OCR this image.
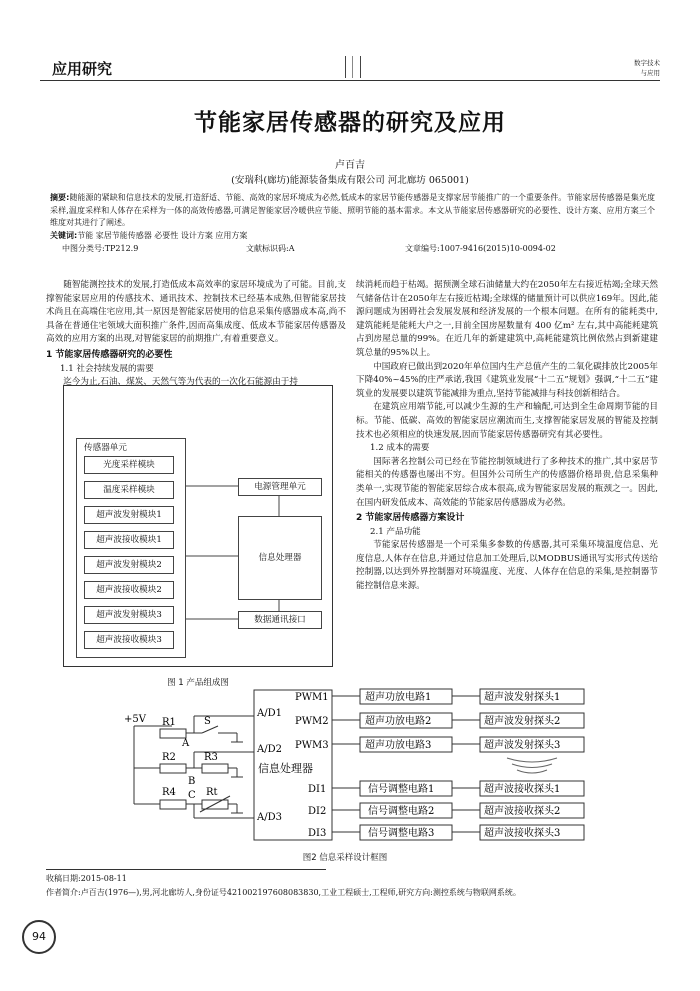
应用研究	数字技术
与应用
节能家居传感器的研究及应用
卢百吉
(安瑞科(廊坊)能源装备集成有限公司 河北廊坊 065001)
摘要:随能源的紧缺和信息技术的发展,打造舒适、节能、高效的家居环境成为必然,低成本的家居节能传感器是支撑家居节能推广的一个重要条件。节能家居传感器是集光度采样,温度采样和人体存在采样为一体的高效传感器,可满足智能家居冷暖供应节能、照明节能的基本需求。本文从节能家居传感器研究的必要性、设计方案、应用方案三个维度对其进行了阐述。
关键词:节能 家居节能传感器 必要性 设计方案 应用方案
中图分类号:TP212.9	文献标识码:A	文章编号:1007-9416(2015)10-0094-02

随智能测控技术的发展,打造低成本高效率的家居环境成为了可能。目前,支撑智能家居应用的传感技术、通讯技术、控制技术已经基本成熟,但智能家居技术尚且在高端住宅应用,其一原因是智能家居使用的信息采集传感器成本高,尚不具备在普通住宅领域大面积推广条件,因而高集成度、低成本节能家居传感器及高效的应用方案的出现,对智能家居的前期推广,有着重要意义。

1 节能家居传感器研究的必要性
1.1 社会持续发展的需要

迄今为止,石油、煤炭、天然气等为代表的一次化石能源由于持

传感器单元
光度采样模块
温度采样模块
超声波发射模块1
超声波接收模块1
超声波发射模块2
超声波接收模块2
超声波发射模块3
超声波接收模块3
电源管理单元
信息处理器
数据通讯接口
图 1 产品组成图

续消耗而趋于枯竭。据预测全球石油储量大约在2050年左右接近枯竭;全球天然气储备估计在2050年左右接近枯竭;全球煤的储量预计可以供应169年。因此,能源问题成为困碍社会发展发展和经济发展的一个根本问题。在所有的能耗类中,建筑能耗是能耗大户之一,目前全国房屋数量有 400 亿m² 左右,其中高能耗建筑占到房屋总量的99%。在近几年的新建建筑中,高耗能建筑比例依然占到新建建筑总量的95%以上。

中国政府已做出到2020年单位国内生产总值产生的二氧化碳排放比2005年下降40%~45%的庄严承诺,我国《建筑业发展“十二五”规划》强调,“十二五”建筑业的发展要以建筑节能减排为重点,坚持节能减排与科技创新相结合。

在建筑应用端节能,可以减少生源的生产和输配,可达到全生命周期节能的目标。节能、低碳、高效的智能家居应潮流而生,支撑智能家居发展的智能及控制技术也必须相应的快速发展,因而节能家居传感器研究有其必要性。

1.2 成本的需要

国际著名控制公司已经在节能控制领域进行了多种技术的推广,其中家居节能相关的传感器也屡出不穷。但国外公司所生产的传感器价格昂贵,信息采集种类单一,实现节能的智能家居综合成本很高,成为智能家居发展的瓶颈之一。因此,在国内研发低成本、高效能的节能家居传感器成为必然。

2 节能家居传感器方案设计
2.1 产品功能

节能家居传感器是一个可采集多参数的传感器,其可采集环境温度信息、光度信息,人体存在信息,并通过信息加工处理后,以MODBUS通讯写实形式传送给控制器,以达到外界控制器对环境温度、光度、人体存在信息的采集,是控制器节能控制信息来源。

+5V R1	S
A
R2	R3
B
R4	Rt
C
A/D1
A/D2
A/D3
信息处理器
PWM1
PWM2
PWM3
DI1
DI2
DI3
超声功放电路1
超声功放电路2
超声功放电路3
超声波发射探头1
超声波发射探头2
超声波发射探头3
信号调整电路1
信号调整电路2
信号调整电路3
超声波接收探头1
超声波接收探头2
超声波接收探头3
图2 信息采样设计框图
收稿日期:2015-08-11
作者简介:卢百吉(1976—),男,河北廊坊人,身份证号421002197608083830,工业工程硕士,工程师,研究方向:测控系统与物联网系统。
94
